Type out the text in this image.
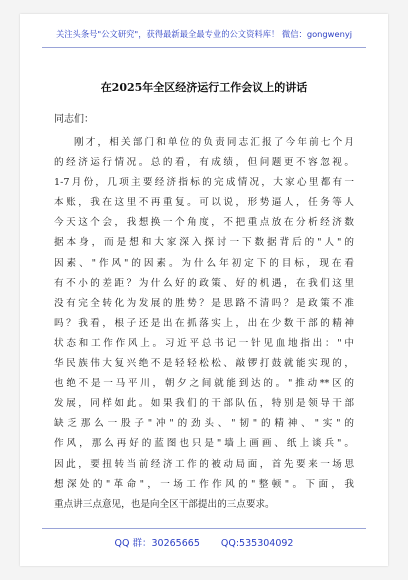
关注头条号"公文研究"，获得最新最全最专业的公文资料库！ 微信：gongwenyj
在2025年全区经济运行工作会议上的讲话
同志们：
刚才，相关部门和单位的负责同志汇报了今年前七个月
的经济运行情况。总的看，有成绩，但问题更不容忽视。
1-7月份，几项主要经济指标的完成情况，大家心里都有一
本账，我在这里不再重复。可以说，形势逼人，任务等人
今天这个会，我想换一个角度，不把重点放在分析经济数
据本身，而是想和大家深入探讨一下数据背后的"人"的
因素、"作风"的因素。为什么年初定下的目标，现在看
有不小的差距？为什么好的政策、好的机遇，在我们这里
没有完全转化为发展的胜势？是思路不清吗？是政策不准
吗？我看，根子还是出在抓落实上，出在少数干部的精神
状态和工作作风上。习近平总书记一针见血地指出："中
华民族伟大复兴绝不是轻轻松松、敲锣打鼓就能实现的，
也绝不是一马平川，朝夕之间就能到达的。"推动**区的
发展，同样如此。如果我们的干部队伍，特别是领导干部
缺乏那么一股子"冲"的劲头、"韧"的精神、"实"的
作风，那么再好的蓝图也只是"墙上画画、纸上谈兵"。
因此，要扭转当前经济工作的被动局面，首先要来一场思
想深处的"革命"，一场工作作风的"整顿"。下面，我
重点讲三点意见，也是向全区干部提出的三点要求。
QQ 群：30265665 QQ:535304092
